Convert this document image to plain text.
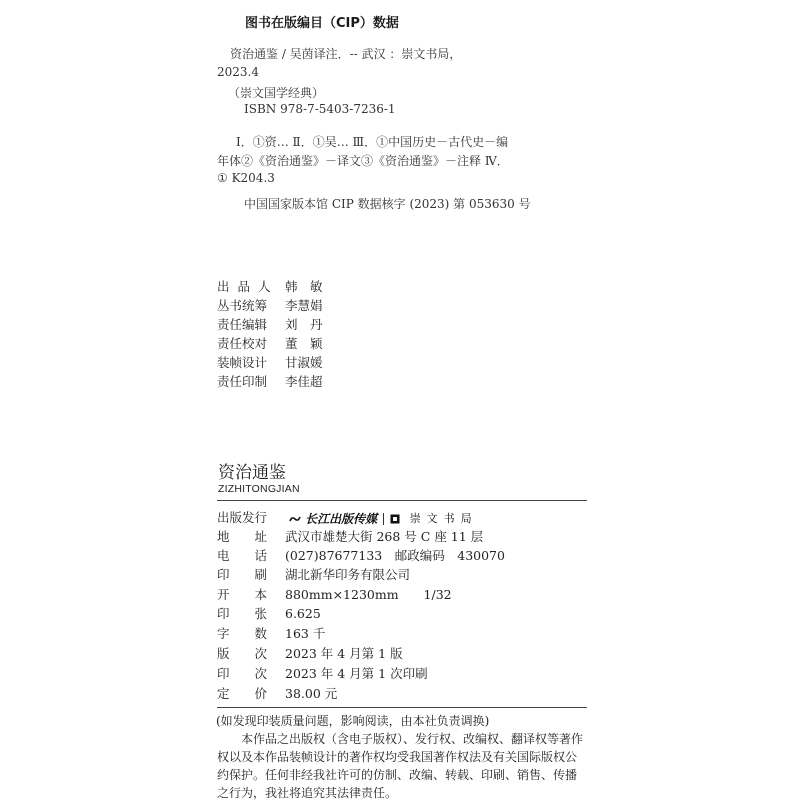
图书在版编目（CIP）数据
资治通鉴 / 吴茵译注．-- 武汉 ：崇文书局，
2023.4
（崇文国学经典）
ISBN 978-7-5403-7236-1
Ⅰ．①资… Ⅱ．①吴… Ⅲ．①中国历史－古代史－编
年体②《资治通鉴》－译文③《资治通鉴》－注释 Ⅳ．
① K204.3
中国国家版本馆 CIP 数据核字 (2023) 第 053630 号
出品人 韩　敏
丛书统筹 李慧娟
责任编辑 刘　丹
责任校对 董　颖
装帧设计 甘淑媛
责任印制 李佳超
资治通鉴
ZIZHITONGJIAN
出版发行	长江出版传媒	崇文书局
地　　址 武汉市雄楚大街 268 号 C 座 11 层
电　　话 (027)87677133　邮政编码　430070
印　　刷 湖北新华印务有限公司
开　　本 880mm×1230mm　　1/32
印　　张 6.625
字　　数 163 千
版　　次 2023 年 4 月第 1 版
印　　次 2023 年 4 月第 1 次印刷
定　　价 38.00 元
(如发现印装质量问题，影响阅读，由本社负责调换)

　　本作品之出版权（含电子版权）、发行权、改编权、翻译权等著作权以及本作品装帧设计的著作权均受我国著作权法及有关国际版权公约保护。任何非经我社许可的仿制、改编、转载、印刷、销售、传播之行为，我社将追究其法律责任。
